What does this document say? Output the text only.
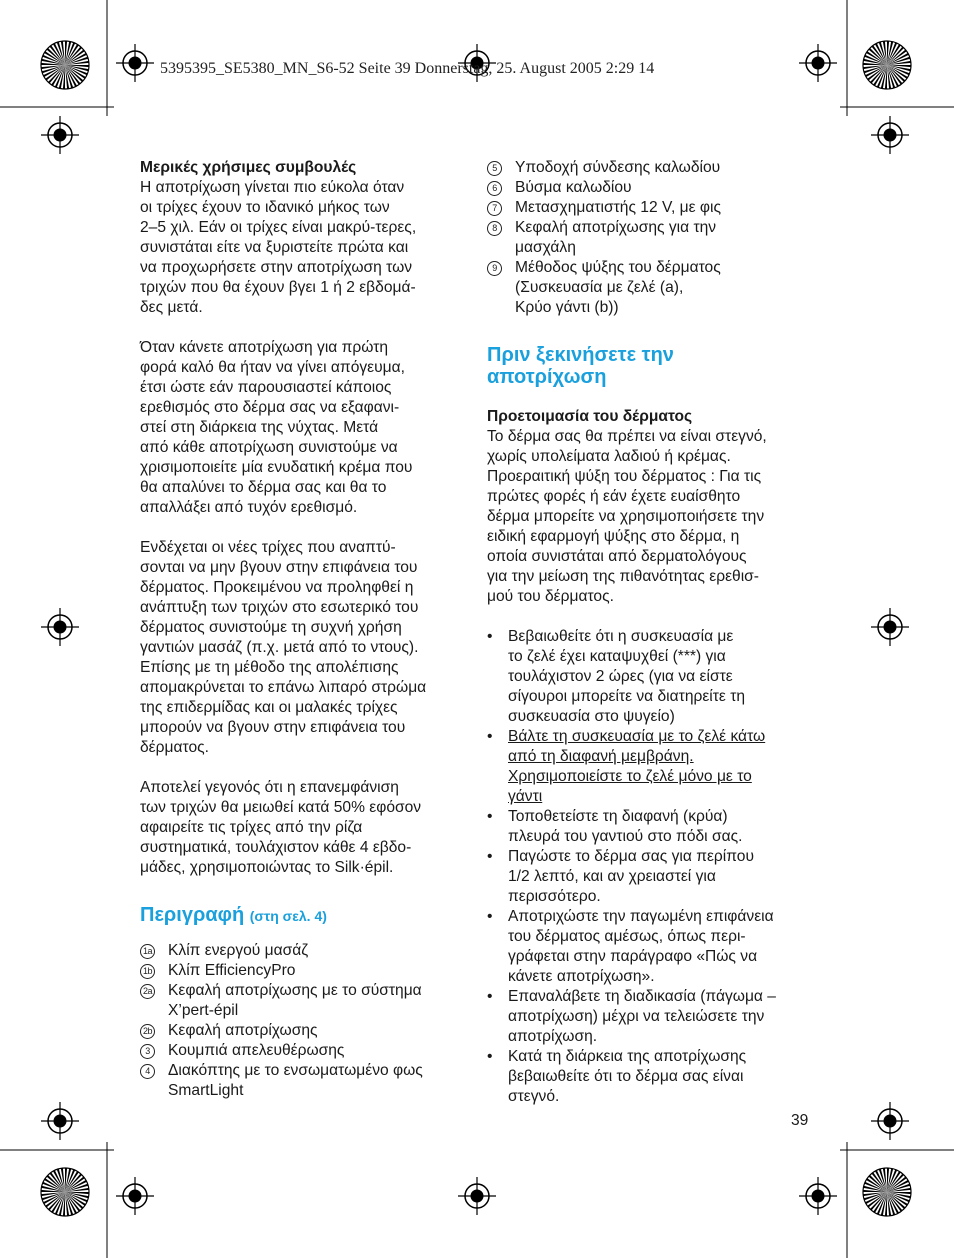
5395395_SE5380_MN_S6-52 Seite 39 Donnerstag, 25. August 2005 2:29 14

Μερικές χρήσιμες συμβουλές

Η αποτρίχωση γίνεται πιο εύκολα όταν
οι τρίχες έχουν το ιδανικό μήκος των
2–5 χιλ. Εάν οι τρίχες είναι μακρύ-τερες,
συνιστάται είτε να ξυριστείτε πρώτα και
να προχωρήσετε στην αποτρίχωση των
τριχών που θα έχουν βγει 1 ή 2 εβδομά-
δες μετά.
Όταν κάνετε αποτρίχωση για πρώτη
φορά καλό θα ήταν να γίνει απόγευμα,
έτσι ώστε εάν παρουσιαστεί κάποιος
ερεθισμός στο δέρμα σας να εξαφανι-
στεί στη διάρκεια της νύχτας. Μετά
από κάθε αποτρίχωση συνιστούμε να
χρισιμοποιείτε μία ενυδατική κρέμα που
θα απαλύνει το δέρμα σας και θα το
απαλλάξει από τυχόν ερεθισμό.
Ενδέχεται οι νέες τρίχες που αναπτύ-
σονται να μην βγουν στην επιφάνεια του
δέρματος. Προκειμένου να προληφθεί η
ανάπτυξη των τριχών στο εσωτερικό του
δέρματος συνιστούμε τη συχνή χρήση
γαντιών μασάζ (π.χ. μετά από το ντους).
Επίσης με τη μέθοδο της απολέπισης
απομακρύνεται το επάνω λιπαρό στρώμα
της επιδερμίδας και οι μαλακές τρίχες
μπορούν να βγουν στην επιφάνεια του
δέρματος.
Αποτελεί γεγονός ότι η επανεμφάνιση
των τριχών θα μειωθεί κατά 50% εφόσον
αφαιρείτε τις τρίχες από την ρίζα
συστηματικά, τουλάχιστον κάθε 4 εβδο-
μάδες, χρησιμοποιώντας το Silk·épil.

Περιγραφή (στη σελ. 4)

1a Κλίπ ενεργού μασάζ
1b Κλίπ EfficiencyPro
2a Κεφαλή αποτρίχωσης με το σύστημα
X’pert-épil
2b Κεφαλή αποτρίχωσης
3	Κουμπιά απελευθέρωσης
4	Διακόπτης με το ενσωματωμένο φως
SmartLight
5	Υποδοχή σύνδεσης καλωδίου
6	Βύσμα καλωδίου
7	Μετασχηματιστής 12 V, με φις
8	Κεφαλή αποτρίχωσης για την
μασχάλη
9	Μέθοδος ψύξης του δέρματος
(Συσκευασία με ζελέ (a),
Κρύο γάντι (b))

Πριν ξεκινήσετε την
αποτρίχωση

Προετοιμασία του δέρματος

Το δέρμα σας θα πρέπει να είναι στεγνό,
χωρίς υπολείματα λαδιού ή κρέμας.
Προεραιτική ψύξη του δέρματος : Για τις
πρώτες φορές ή εάν έχετε ευαίσθητο
δέρμα μπορείτε να χρησιμοποιήσετε την
ειδική εφαρμογή ψύξης στο δέρμα, η
οποία συνιστάται από δερματολόγους
για την μείωση της πιθανότητας ερεθισ-
μού του δέρματος.
• Βεβαιωθείτε ότι η συσκευασία με
το ζελέ έχει καταψυχθεί (***) για
τουλάχιστον 2 ώρες (για να είστε
σίγουροι μπορείτε να διατηρείτε τη
συσκευασία στο ψυγείο)
• Βάλτε τη συσκευασία με το ζελέ κάτω
από τη διαφανή μεμβράνη.
Χρησιμοποιείστε το ζελέ μόνο με το
γάντι
• Τοποθετείστε τη διαφανή (κρύα)
πλευρά του γαντιού στο πόδι σας.
• Παγώστε το δέρμα σας για περίπου
1/2 λεπτό, και αν χρειαστεί για
περισσότερο.
• Αποτριχώστε την παγωμένη επιφάνεια
του δέρματος αμέσως, όπως περι-
γράφεται στην παράγραφο «Πώς να
κάνετε αποτρίχωση».
• Επαναλάβετε τη διαδικασία (πάγωμα –
αποτρίχωση) μέχρι να τελειώσετε την
αποτρίχωση.
• Κατά τη διάρκεια της αποτρίχωσης
βεβαιωθείτε ότι το δέρμα σας είναι
στεγνό.
39
